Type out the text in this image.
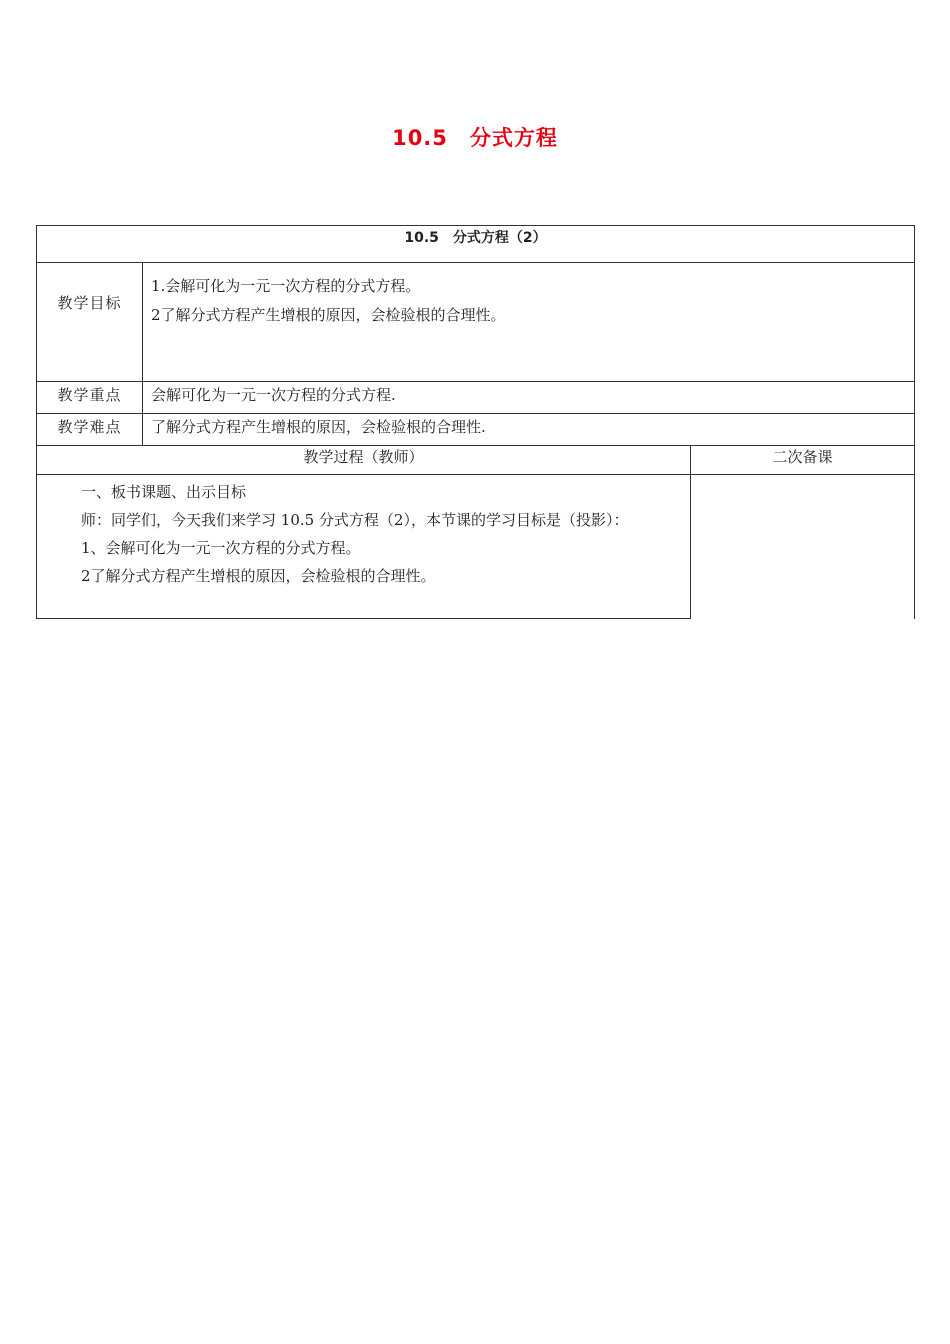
10.5　分式方程
10.5　分式方程（2）		
教学目标	1.会解可化为一元一次方程的分式方程。

2了解分式方程产生增根的原因，会检验根的合理性。	

教学重点	会解可化为一元一次方程的分式方程.	
教学难点	了解分式方程产生增根的原因，会检验根的合理性.	
教学过程（教师）		二次备课

一、板书课题、出示目标

师：同学们，今天我们来学习 10.5 分式方程（2），本节课的学习目标是（投影）：

1、会解可化为一元一次方程的分式方程。

2了解分式方程产生增根的原因，会检验根的合理性。		
